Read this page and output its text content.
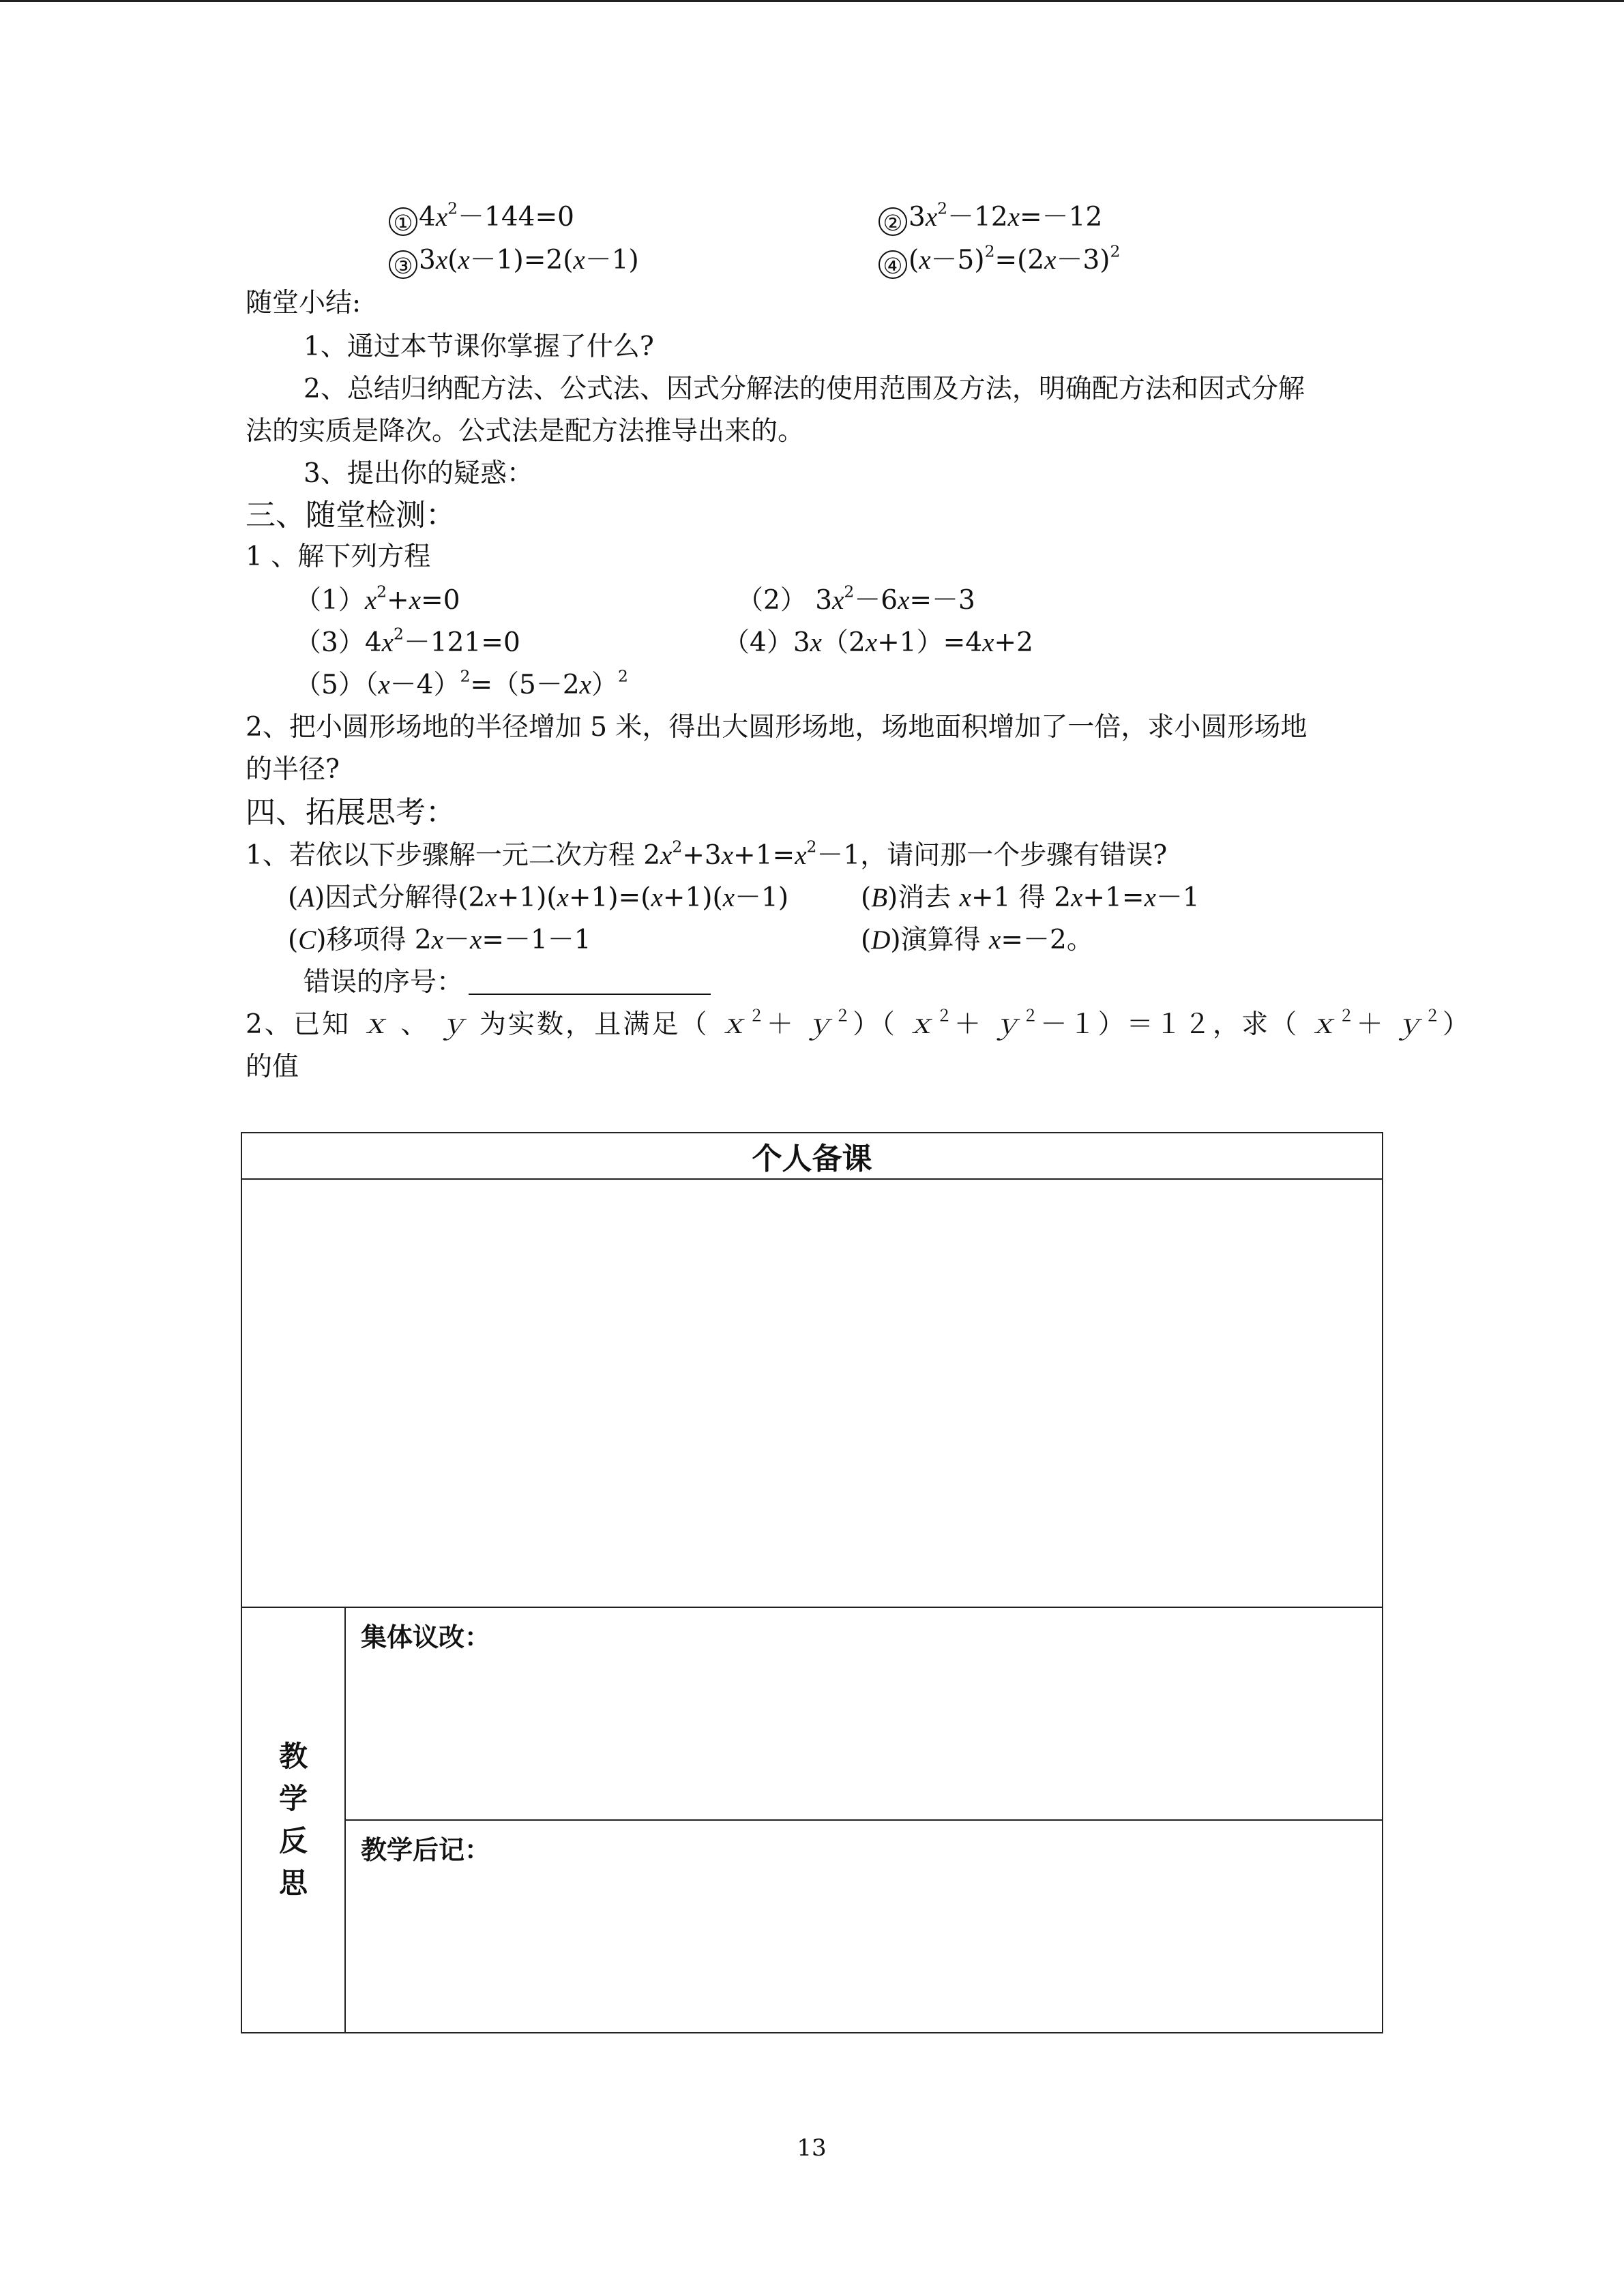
① $4x^2-144=0$	② $3x^2-12x=-12$
③ 3x(x－1)=2(x－1)	④ $(x-5)^2=(2x-3)^2$
随堂小结:
1、通过本节课你掌握了什么?
2、总结归纳配方法、公式法、因式分解法的使用范围及方法，明确配方法和因式分解
法的实质是降次。公式法是配方法推导出来的。
3、提出你的疑惑：
三、随堂检测：
1 、解下列方程
$(1)x^2+x=0$	（2） $3x^2-6x=-3$
$(3)4x^2-121=0$	（4）3x（2x+1）=4x+2
$(5)(x-4)^2=(5-2x)^2$
2、把小圆形场地的半径增加 5 米，得出大圆形场地，场地面积增加了一倍，求小圆形场地
的半径?
四、拓展思考：
1、若依以下步骤解一元二次方程 $2x^2+3x+1=x^2-1$，请问那一个步骤有错误?
(A)因式分解得(2x+1)(x+1)=(x+1)(x－1)	(B)消去 x+1 得 2x+1=x－1
(C)移项得 2x－x=－1－1	(D)演算得 x=－2。
错误的序号：
2、已知 ｘ 、 ｙ 为实数，且满足（ ｘ$^2$＋ ｙ$^2$）（ ｘ$^2$＋ ｙ$^2$－１）＝１２，求（ ｘ$^2$＋ ｙ$^2$）
的值
个人备课

教
学
反
思

集体议改：

教学后记：
13
